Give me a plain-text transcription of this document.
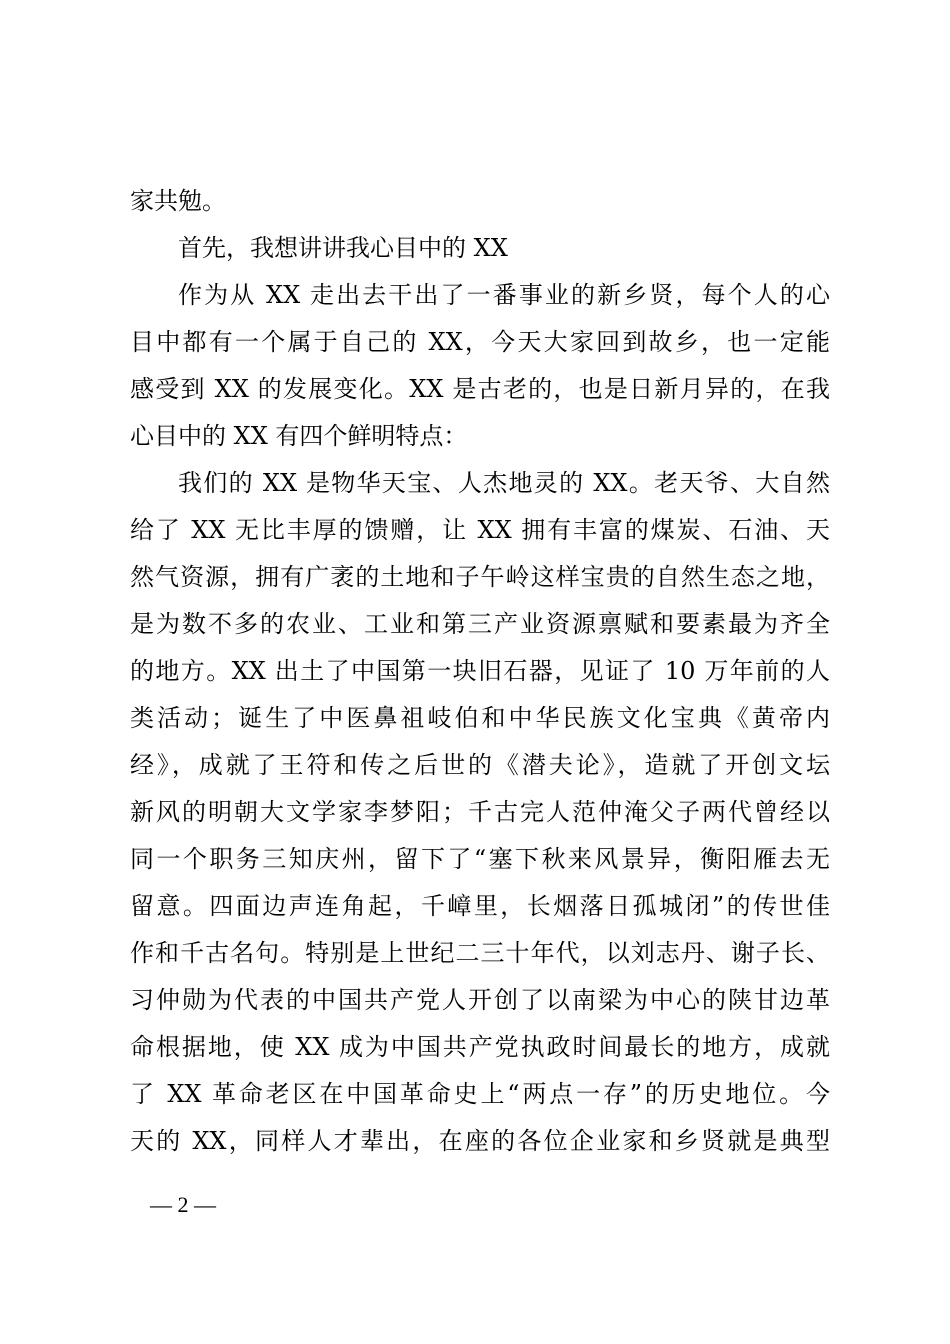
家共勉。
首先，我想讲讲我心目中的 XX
作为从 XX 走出去干出了一番事业的新乡贤，每个人的心
目中都有一个属于自己的 XX，今天大家回到故乡，也一定能
感受到 XX 的发展变化。XX 是古老的，也是日新月异的，在我
心目中的 XX 有四个鲜明特点：
我们的 XX 是物华天宝、人杰地灵的 XX。老天爷、大自然
给了 XX 无比丰厚的馈赠，让 XX 拥有丰富的煤炭、石油、天
然气资源，拥有广袤的土地和子午岭这样宝贵的自然生态之地，
是为数不多的农业、工业和第三产业资源禀赋和要素最为齐全
的地方。XX 出土了中国第一块旧石器，见证了 10 万年前的人
类活动；诞生了中医鼻祖岐伯和中华民族文化宝典《黄帝内
经》，成就了王符和传之后世的《潜夫论》，造就了开创文坛
新风的明朝大文学家李梦阳；千古完人范仲淹父子两代曾经以
同一个职务三知庆州，留下了“塞下秋来风景异，衡阳雁去无
留意。四面边声连角起，千嶂里，长烟落日孤城闭”的传世佳
作和千古名句。特别是上世纪二三十年代，以刘志丹、谢子长、
习仲勋为代表的中国共产党人开创了以南梁为中心的陕甘边革
命根据地，使 XX 成为中国共产党执政时间最长的地方，成就
了 XX 革命老区在中国革命史上“两点一存”的历史地位。今
天的 XX，同样人才辈出，在座的各位企业家和乡贤就是典型
— 2 —
